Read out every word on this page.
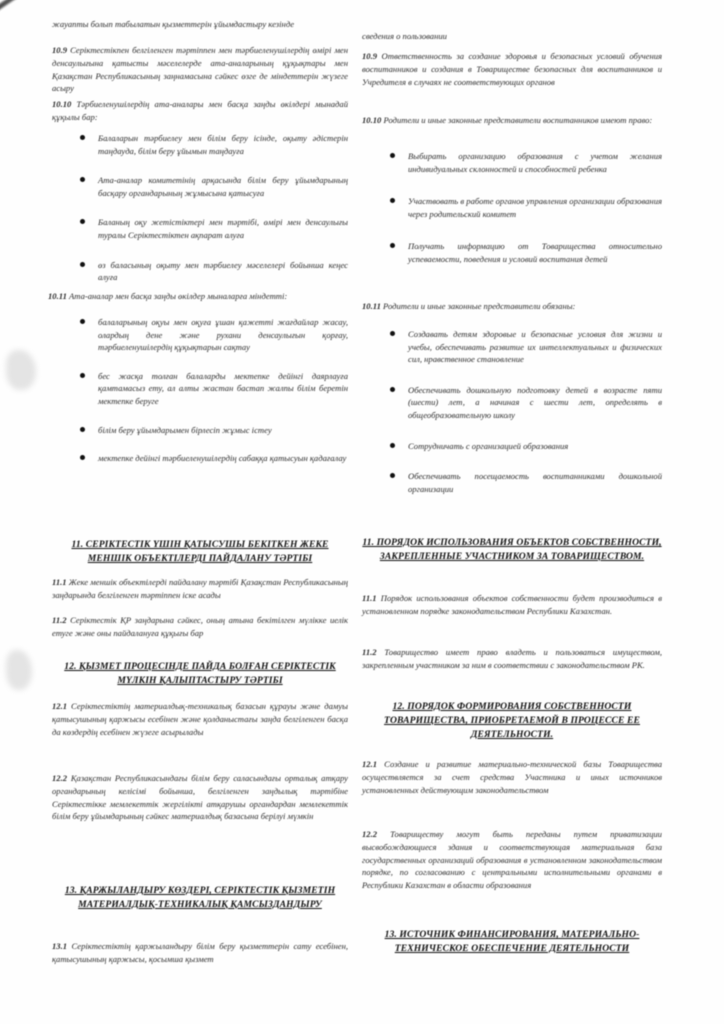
жауапты болып табылатын қызметтерін ұйымдастыру кезінде

10.9 Серіктестікпен белгіленген тәртіппен мен тәрбиеленушілердің өмірі мен денсаулығына қатысты мәселелерде ата-аналарының құқықтары мен Қазақстан Республикасының заңнамасына сәйкес өзге де міндеттерін жүзеге асыру

10.10 Тәрбиеленушілердің ата-аналары мен басқа заңды өкілдері мынадай құқылы бар:

Балаларын тәрбиелеу мен білім беру ісінде, оқыту әдістерін таңдауда, білім беру ұйымын таңдауға
Ата-аналар комитетінің арқасында білім беру ұйымдарының басқару органдарының жұмысына қатысуға
Баланың оқу жетістіктері мен тәртібі, өмірі мен денсаулығы туралы Серіктестіктен ақпарат алуға
өз баласының оқыту мен тәрбиелеу мәселелері бойынша кеңес алуға

10.11 Ата-аналар мен басқа заңды өкілдер мыналарға міндетті:

балаларының оқуы мен оқуға ұшан қажетті жағдайлар жасау, олардың дене және рухани денсаулығын қорғау, тәрбиеленушілердің құқықтарын сақтау
бес жасқа толған балаларды мектепке дейінгі даярлауға қамтамасыз ету, ал алты жастан бастап жалпы білім беретін мектепке беруге
білім беру ұйымдарымен бірлесіп жұмыс істеу
мектепке дейінгі тәрбиеленушілердің сабаққа қатысуын қадағалау
11. СЕРІКТЕСТІК ҮШІН ҚАТЫСУШЫ БЕКІТКЕН ЖЕКЕ МЕНШІК ОБЪЕКТІЛЕРДІ ПАЙДАЛАНУ ТӘРТІБІ

11.1 Жеке меншік объектілерді пайдалану тәртібі Қазақстан Республикасының заңдарында белгіленген тәртіппен іске асады

11.2 Серіктестік ҚР заңдарына сәйкес, оның атына бекітілген мүлікке иелік етуге және оны пайдалануға құқығы бар

12. ҚЫЗМЕТ ПРОЦЕСІНДЕ ПАЙДА БОЛҒАН СЕРІКТЕСТІК МҮЛКІН ҚАЛЫПТАСТЫРУ ТӘРТІБІ

12.1 Серіктестіктің материалдық-техникалық базасын құрауы және дамуы қатысушының қаржысы есебінен және қолданыстағы заңда белгіленген басқа да көздердің есебінен жүзеге асырылады

12.2 Қазақстан Республикасындағы білім беру саласындағы орталық атқару органдарының келісімі бойынша, белгіленген заңдылық тәртібіне Серіктестікке мемлекеттік жергілікті атқарушы органдардан мемлекеттік білім беру ұйымдарының сәйкес материалдық базасына берілуі мүмкін

13. ҚАРЖЫЛАНДЫРУ КӨЗДЕРІ, СЕРІКТЕСТІК ҚЫЗМЕТІН МАТЕРИАЛДЫҚ-ТЕХНИКАЛЫҚ ҚАМСЫЗДАНДЫРУ

13.1 Серіктестіктің қаржыландыру білім беру қызметтерін сату есебінен, қатысушының қаржысы, қосымша қызмет

сведения о пользовании

10.9 Ответственность за создание здоровья и безопасных условий обучения воспитанников и создания в Товариществе безопасных для воспитанников и Учредителя в случаях не соответствующих органов

10.10 Родители и иные законные представители воспитанников имеют право:

Выбирать организацию образования с учетом желания индивидуальных склонностей и способностей ребенка
Участвовать в работе органов управления организации образования через родительский комитет
Получать информацию от Товарищества относительно успеваемости, поведения и условий воспитания детей

10.11 Родители и иные законные представители обязаны:

Создавать детям здоровые и безопасные условия для жизни и учебы, обеспечивать развитие их интеллектуальных и физических сил, нравственное становление
Обеспечивать дошкольную подготовку детей в возрасте пяти (шести) лет, а начиная с шести лет, определять в общеобразовательную школу
Сотрудничать с организацией образования
Обеспечивать посещаемость воспитанниками дошкольной организации
11. ПОРЯДОК ИСПОЛЬЗОВАНИЯ ОБЪЕКТОВ СОБСТВЕННОСТИ, ЗАКРЕПЛЕННЫЕ УЧАСТНИКОМ ЗА ТОВАРИЩЕСТВОМ.

11.1 Порядок использования объектов собственности будет производиться в установленном порядке законодательством Республики Казахстан.

11.2 Товарищество имеет право владеть и пользоваться имуществом, закрепленным участником за ним в соответствии с законодательством РК.

12. ПОРЯДОК ФОРМИРОВАНИЯ СОБСТВЕННОСТИ ТОВАРИЩЕСТВА, ПРИОБРЕТАЕМОЙ В ПРОЦЕССЕ ЕЕ ДЕЯТЕЛЬНОСТИ.

12.1 Создание и развитие материально-технической базы Товарищества осуществляется за счет средства Участника и иных источников установленных действующим законодательством

12.2 Товариществу могут быть переданы путем приватизации высвобождающиеся здания и соответствующая материальная база государственных организаций образования в установленном законодательством порядке, по согласованию с центральными исполнительными органами в Республики Казахстан в области образования

13. ИСТОЧНИК ФИНАНСИРОВАНИЯ, МАТЕРИАЛЬНО-ТЕХНИЧЕСКОЕ ОБЕСПЕЧЕНИЕ ДЕЯТЕЛЬНОСТИ
